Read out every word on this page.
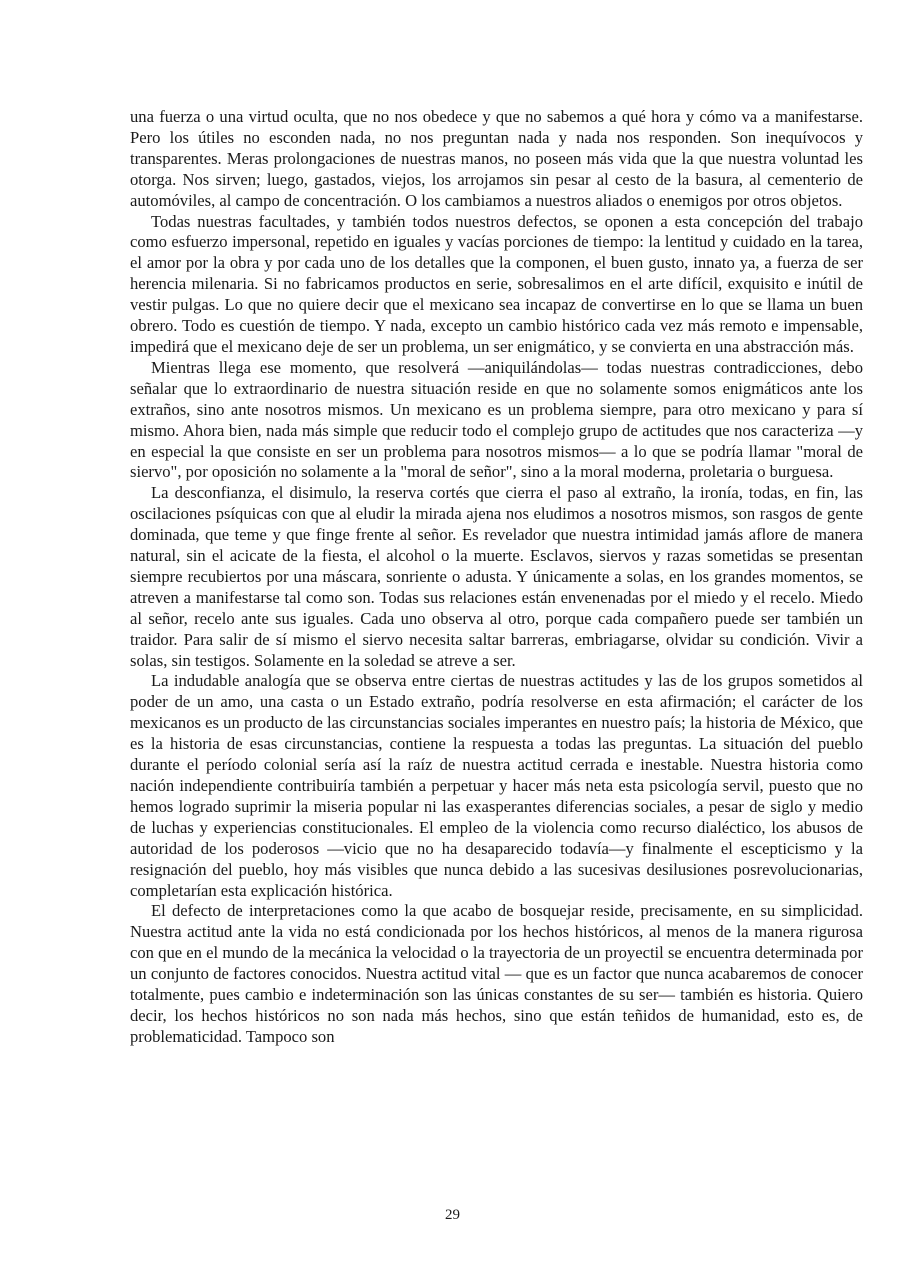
una fuerza o una virtud oculta, que no nos obedece y que no sabemos a qué hora y cómo va a manifestarse. Pero los útiles no esconden nada, no nos preguntan nada y nada nos responden. Son inequívocos y transparentes. Meras prolongaciones de nuestras manos, no poseen más vida que la que nuestra voluntad les otorga. Nos sirven; luego, gastados, viejos, los arrojamos sin pesar al cesto de la basura, al cementerio de automóviles, al campo de concentración. O los cambiamos a nuestros aliados o enemigos por otros objetos.

Todas nuestras facultades, y también todos nuestros defectos, se oponen a esta concepción del trabajo como esfuerzo impersonal, repetido en iguales y vacías porciones de tiempo: la lentitud y cuidado en la tarea, el amor por la obra y por cada uno de los detalles que la componen, el buen gusto, innato ya, a fuerza de ser herencia milenaria. Si no fabricamos productos en serie, sobresalimos en el arte difícil, exquisito e inútil de vestir pulgas. Lo que no quiere decir que el mexicano sea incapaz de convertirse en lo que se llama un buen obrero. Todo es cuestión de tiempo. Y nada, excepto un cambio histórico cada vez más remoto e impensable, impedirá que el mexicano deje de ser un problema, un ser enigmático, y se convierta en una abstracción más.

Mientras llega ese momento, que resolverá —aniquilándolas— todas nuestras contradicciones, debo señalar que lo extraordinario de nuestra situación reside en que no solamente somos enigmáticos ante los extraños, sino ante nosotros mismos. Un mexicano es un problema siempre, para otro mexicano y para sí mismo. Ahora bien, nada más simple que reducir todo el complejo grupo de actitudes que nos caracteriza —y en especial la que consiste en ser un problema para nosotros mismos— a lo que se podría llamar "moral de siervo", por oposición no solamente a la "moral de señor", sino a la moral moderna, proletaria o burguesa.

La desconfianza, el disimulo, la reserva cortés que cierra el paso al extraño, la ironía, todas, en fin, las oscilaciones psíquicas con que al eludir la mirada ajena nos eludimos a nosotros mismos, son rasgos de gente dominada, que teme y que finge frente al señor. Es revelador que nuestra intimidad jamás aflore de manera natural, sin el acicate de la fiesta, el alcohol o la muerte. Esclavos, siervos y razas sometidas se presentan siempre recubiertos por una máscara, sonriente o adusta. Y únicamente a solas, en los grandes momentos, se atreven a manifestarse tal como son. Todas sus relaciones están envenenadas por el miedo y el recelo. Miedo al señor, recelo ante sus iguales. Cada uno observa al otro, porque cada compañero puede ser también un traidor. Para salir de sí mismo el siervo necesita saltar barreras, embriagarse, olvidar su condición. Vivir a solas, sin testigos. Solamente en la soledad se atreve a ser.

La indudable analogía que se observa entre ciertas de nuestras actitudes y las de los grupos sometidos al poder de un amo, una casta o un Estado extraño, podría resolverse en esta afirmación; el carácter de los mexicanos es un producto de las circunstancias sociales imperantes en nuestro país; la historia de México, que es la historia de esas circunstancias, contiene la respuesta a todas las preguntas. La situación del pueblo durante el período colonial sería así la raíz de nuestra actitud cerrada e inestable. Nuestra historia como nación independiente contribuiría también a perpetuar y hacer más neta esta psicología servil, puesto que no hemos logrado suprimir la miseria popular ni las exasperantes diferencias sociales, a pesar de siglo y medio de luchas y experiencias constitucionales. El empleo de la violencia como recurso dialéctico, los abusos de autoridad de los poderosos —vicio que no ha desaparecido todavía—y finalmente el escepticismo y la resignación del pueblo, hoy más visibles que nunca debido a las sucesivas desilusiones posrevolucionarias, completarían esta explicación histórica.

El defecto de interpretaciones como la que acabo de bosquejar reside, precisamente, en su simplicidad. Nuestra actitud ante la vida no está condicionada por los hechos históricos, al menos de la manera rigurosa con que en el mundo de la mecánica la velocidad o la trayectoria de un proyectil se encuentra determinada por un conjunto de factores conocidos. Nuestra actitud vital — que es un factor que nunca acabaremos de conocer totalmente, pues cambio e indeterminación son las únicas constantes de su ser— también es historia. Quiero decir, los hechos históricos no son nada más hechos, sino que están teñidos de humanidad, esto es, de problematicidad. Tampoco son

29
